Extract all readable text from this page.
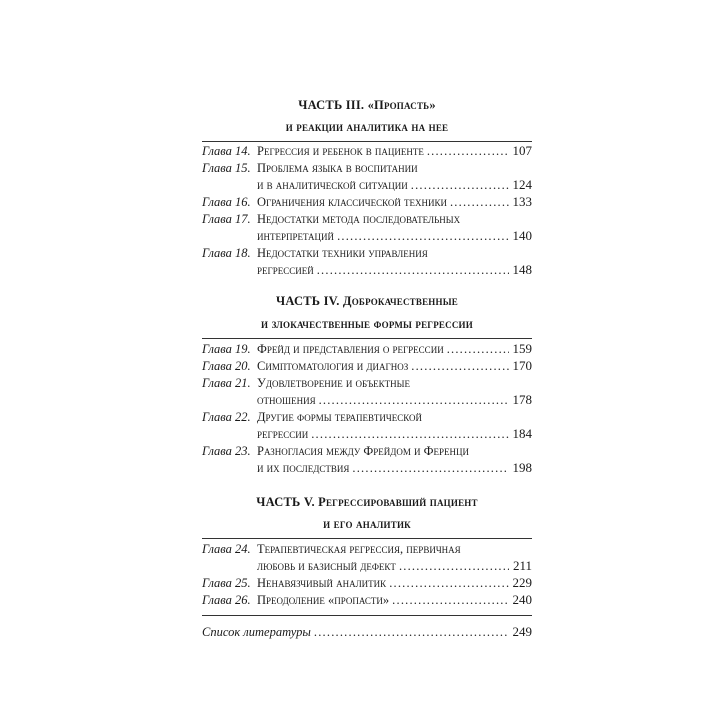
ЧАСТЬ III. «Пропасть»
и реакции аналитика на нее
Глава 14. Регрессия и ребенок в пациенте .....	107
Глава 15. Проблема языка в воспитании
и в аналитической ситуации .....	124
Глава 16. Ограничения классической техники .....	133
Глава 17. Недостатки метода последовательных
интерпретаций .....	140
Глава 18. Недостатки техники управления
регрессией .....	148
ЧАСТЬ IV. Доброкачественные
и злокачественные формы регрессии
Глава 19. Фрейд и представления о регрессии .....	159
Глава 20. Симптоматология и диагноз .....	170
Глава 21. Удовлетворение и объектные
отношения .....	178
Глава 22. Другие формы терапевтической
регрессии .....	184
Глава 23. Разногласия между Фрейдом и Ференци
и их последствия .....	198
ЧАСТЬ V. Регрессировавший пациент
и его аналитик
Глава 24. Терапевтическая регрессия, первичная
любовь и базисный дефект .....	211
Глава 25. Ненавязчивый аналитик .....	229
Глава 26. Преодоление «пропасти» .....	240
Список литературы .....	249
